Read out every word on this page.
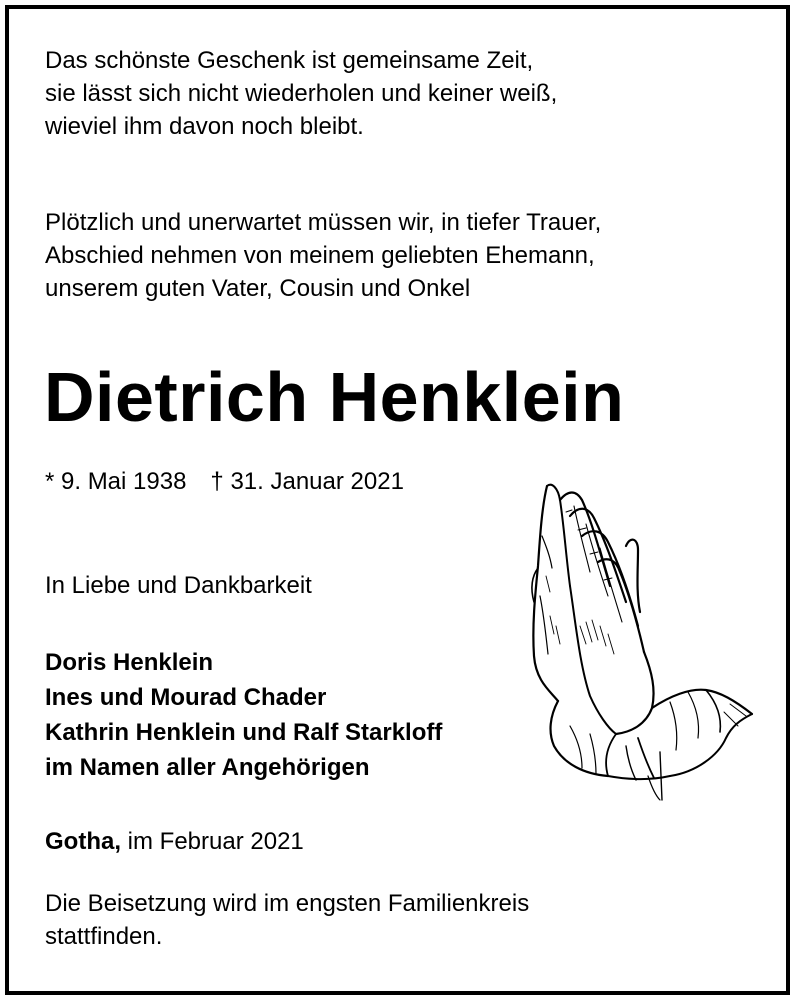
Das schönste Geschenk ist gemeinsame Zeit,
sie lässt sich nicht wiederholen und keiner weiß,
wieviel ihm davon noch bleibt.

Plötzlich und unerwartet müssen wir, in tiefer Trauer,
Abschied nehmen von meinem geliebten Ehemann,
unserem guten Vater, Cousin und Onkel

Dietrich Henklein
* 9. Mai 1938 † 31. Januar 2021

In Liebe und Dankbarkeit

Doris Henklein
Ines und Mourad Chader
Kathrin Henklein und Ralf Starkloff
im Namen aller Angehörigen

Gotha, im Februar 2021

Die Beisetzung wird im engsten Familienkreis
stattfinden.
